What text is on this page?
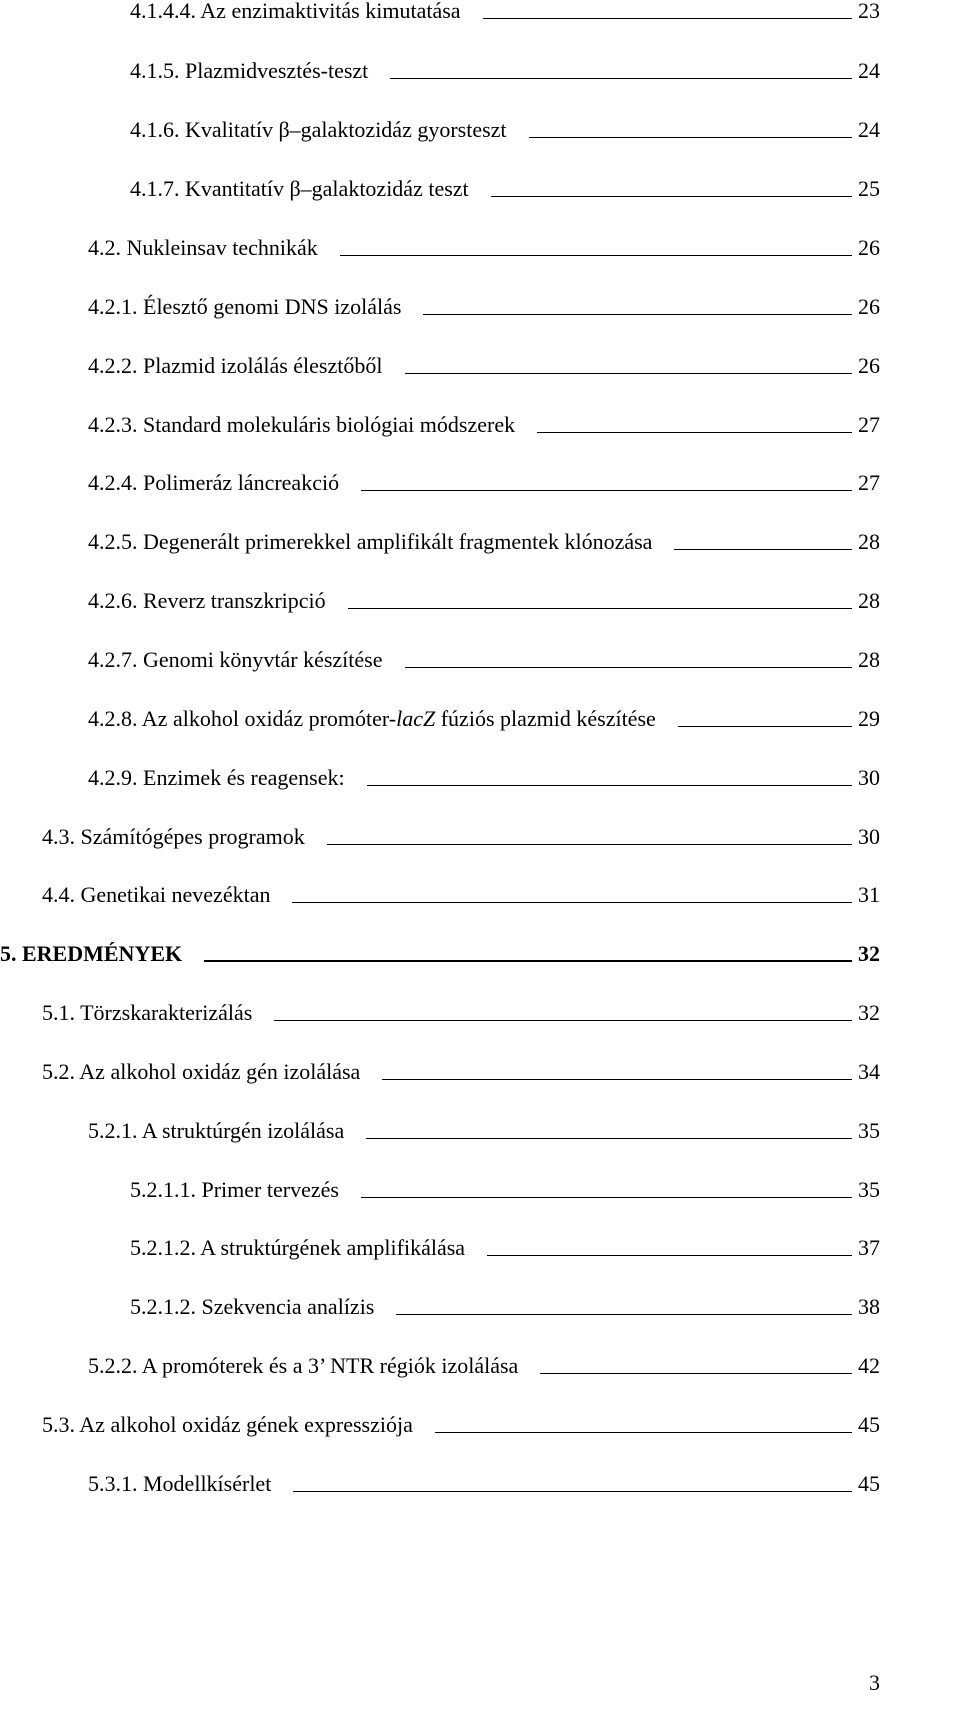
4.1.4.4. Az enzimaktivitás kimutatása	23
4.1.5. Plazmidvesztés-teszt	24
4.1.6. Kvalitatív β–galaktozidáz gyorsteszt	24
4.1.7. Kvantitatív β–galaktozidáz teszt	25
4.2. Nukleinsav technikák	26
4.2.1. Élesztő genomi DNS izolálás	26
4.2.2. Plazmid izolálás élesztőből	26
4.2.3. Standard molekuláris biológiai módszerek	27
4.2.4. Polimeráz láncreakció	27
4.2.5. Degenerált primerekkel amplifikált fragmentek klónozása	28
4.2.6. Reverz transzkripció	28
4.2.7. Genomi könyvtár készítése	28
4.2.8. Az alkohol oxidáz promóter-lacZ fúziós plazmid készítése	29
4.2.9. Enzimek és reagensek:	30
4.3. Számítógépes programok	30
4.4. Genetikai nevezéktan	31
5. EREDMÉNYEK	32
5.1. Törzskarakterizálás	32
5.2. Az alkohol oxidáz gén izolálása	34
5.2.1. A struktúrgén izolálása	35
5.2.1.1. Primer tervezés	35
5.2.1.2. A struktúrgének amplifikálása	37
5.2.1.2. Szekvencia analízis	38
5.2.2. A promóterek és a 3’ NTR régiók izolálása	42
5.3. Az alkohol oxidáz gének expressziója	45
5.3.1. Modellkísérlet	45
3
